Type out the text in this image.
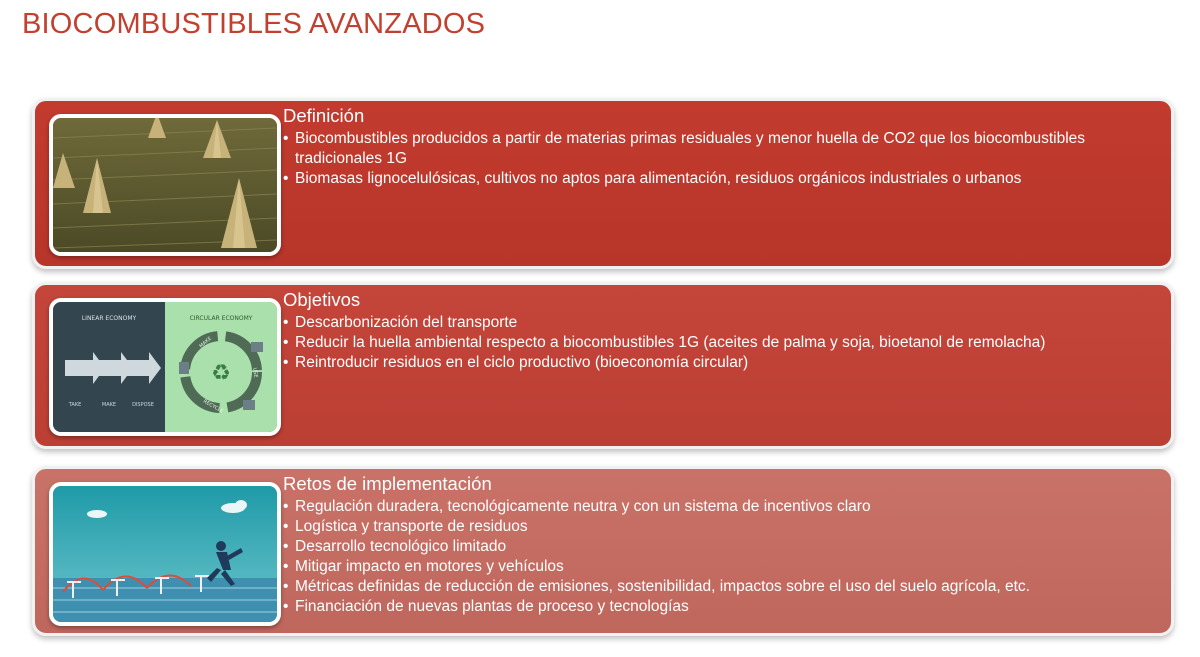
BIOCOMBUSTIBLES AVANZADOS
Definición
• Biocombustibles producidos a partir de materias primas residuales y menor huella de CO2 que los biocombustibles tradicionales 1G
• Biomasas lignocelulósicas, cultivos no aptos para alimentación, residuos orgánicos industriales o urbanos
LINEAR ECONOMY	CIRCULAR ECONOMY
TAKE	MAKE	DISPOSE
MAKE
USE
RECYCLE
♻
Objetivos
• Descarbonización del transporte
• Reducir la huella ambiental respecto a biocombustibles 1G (aceites de palma y soja, bioetanol de remolacha)
• Reintroducir residuos en el ciclo productivo (bioeconomía circular)
Retos de implementación
• Regulación duradera, tecnológicamente neutra y con un sistema de incentivos claro
• Logística y transporte de residuos
• Desarrollo tecnológico limitado
• Mitigar impacto en motores y vehículos
• Métricas definidas de reducción de emisiones, sostenibilidad, impactos sobre el uso del suelo agrícola, etc.
• Financiación de nuevas plantas de proceso y tecnologías
